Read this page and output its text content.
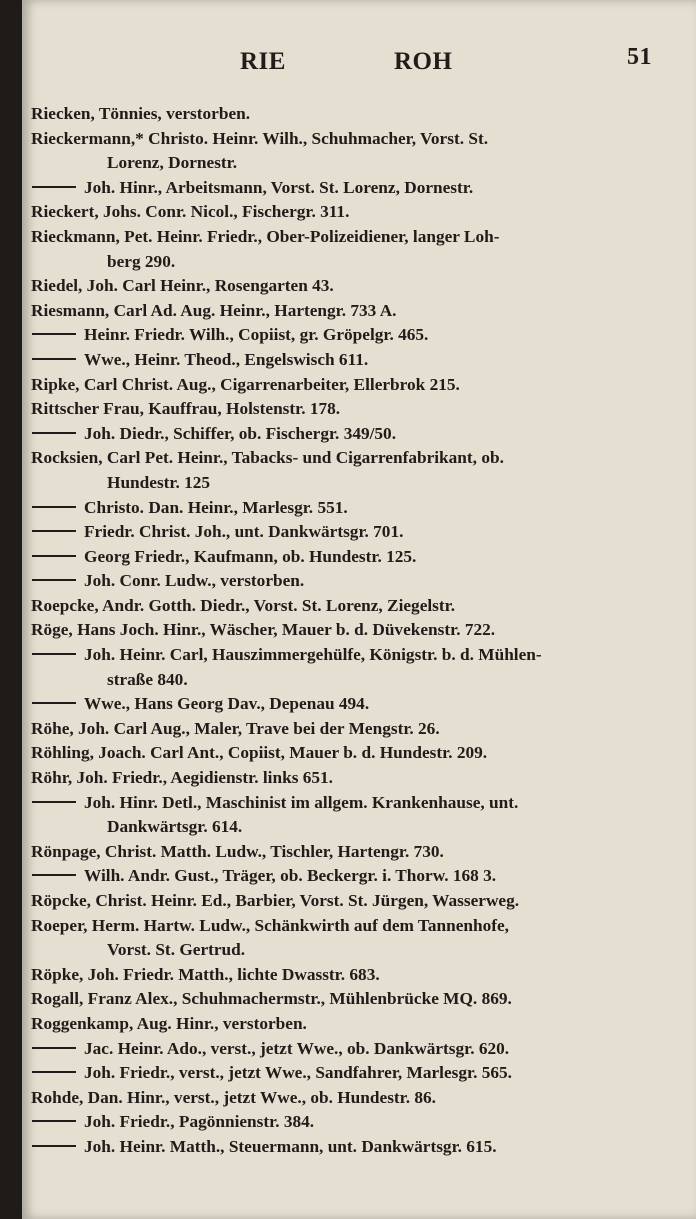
RIE	ROH	51
Riecken, Tönnies, verstorben.
Rieckermann,* Christo. Heinr. Wilh., Schuhmacher, Vorst. St.
Lorenz, Dornestr.
Joh. Hinr., Arbeitsmann, Vorst. St. Lorenz, Dornestr.
Rieckert, Johs. Conr. Nicol., Fischergr. 311.
Rieckmann, Pet. Heinr. Friedr., Ober-Polizeidiener, langer Loh-
berg 290.
Riedel, Joh. Carl Heinr., Rosengarten 43.
Riesmann, Carl Ad. Aug. Heinr., Hartengr. 733 A.
Heinr. Friedr. Wilh., Copiist, gr. Gröpelgr. 465.
Wwe., Heinr. Theod., Engelswisch 611.
Ripke, Carl Christ. Aug., Cigarrenarbeiter, Ellerbrok 215.
Rittscher Frau, Kauffrau, Holstenstr. 178.
Joh. Diedr., Schiffer, ob. Fischergr. 349/50.
Rocksien, Carl Pet. Heinr., Tabacks- und Cigarrenfabrikant, ob.
Hundestr. 125
Christo. Dan. Heinr., Marlesgr. 551.
Friedr. Christ. Joh., unt. Dankwärtsgr. 701.
Georg Friedr., Kaufmann, ob. Hundestr. 125.
Joh. Conr. Ludw., verstorben.
Roepcke, Andr. Gotth. Diedr., Vorst. St. Lorenz, Ziegelstr.
Röge, Hans Joch. Hinr., Wäscher, Mauer b. d. Düvekenstr. 722.
Joh. Heinr. Carl, Hauszimmergehülfe, Königstr. b. d. Mühlen-
straße 840.
Wwe., Hans Georg Dav., Depenau 494.
Röhe, Joh. Carl Aug., Maler, Trave bei der Mengstr. 26.
Röhling, Joach. Carl Ant., Copiist, Mauer b. d. Hundestr. 209.
Röhr, Joh. Friedr., Aegidienstr. links 651.
Joh. Hinr. Detl., Maschinist im allgem. Krankenhause, unt.
Dankwärtsgr. 614.
Rönpage, Christ. Matth. Ludw., Tischler, Hartengr. 730.
Wilh. Andr. Gust., Träger, ob. Beckergr. i. Thorw. 168 3.
Röpcke, Christ. Heinr. Ed., Barbier, Vorst. St. Jürgen, Wasserweg.
Roeper, Herm. Hartw. Ludw., Schänkwirth auf dem Tannenhofe,
Vorst. St. Gertrud.
Röpke, Joh. Friedr. Matth., lichte Dwasstr. 683.
Rogall, Franz Alex., Schuhmachermstr., Mühlenbrücke MQ. 869.
Roggenkamp, Aug. Hinr., verstorben.
Jac. Heinr. Ado., verst., jetzt Wwe., ob. Dankwärtsgr. 620.
Joh. Friedr., verst., jetzt Wwe., Sandfahrer, Marlesgr. 565.
Rohde, Dan. Hinr., verst., jetzt Wwe., ob. Hundestr. 86.
Joh. Friedr., Pagönnienstr. 384.
Joh. Heinr. Matth., Steuermann, unt. Dankwärtsgr. 615.
